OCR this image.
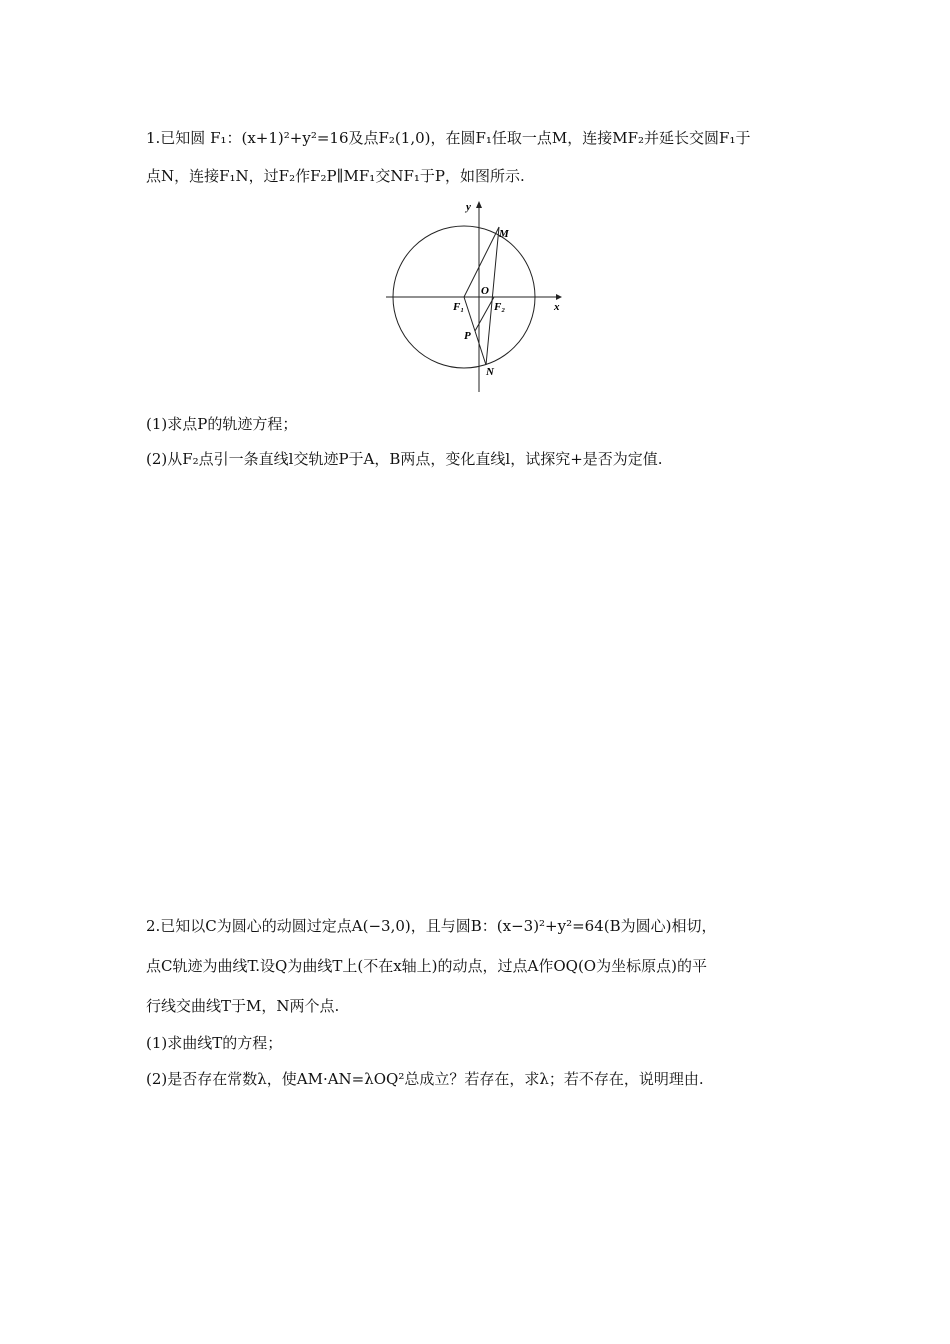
1.已知圆 F₁：(x+1)²+y²=16及点F₂(1,0)，在圆F₁任取一点M，连接MF₂并延长交圆F₁于
点N，连接F₁N，过F₂作F₂P∥MF₁交NF₁于P，如图所示.
y
x
M
O
F₁	F₂
P
N
(1)求点P的轨迹方程；
(2)从F₂点引一条直线l交轨迹P于A，B两点，变化直线l，试探究+是否为定值.
2.已知以C为圆心的动圆过定点A(−3,0)，且与圆B：(x−3)²+y²=64(B为圆心)相切，
点C轨迹为曲线T.设Q为曲线T上(不在x轴上)的动点，过点A作OQ(O为坐标原点)的平
行线交曲线T于M，N两个点.
(1)求曲线T的方程；
(2)是否存在常数λ，使AM·AN=λOQ²总成立？若存在，求λ；若不存在，说明理由.
